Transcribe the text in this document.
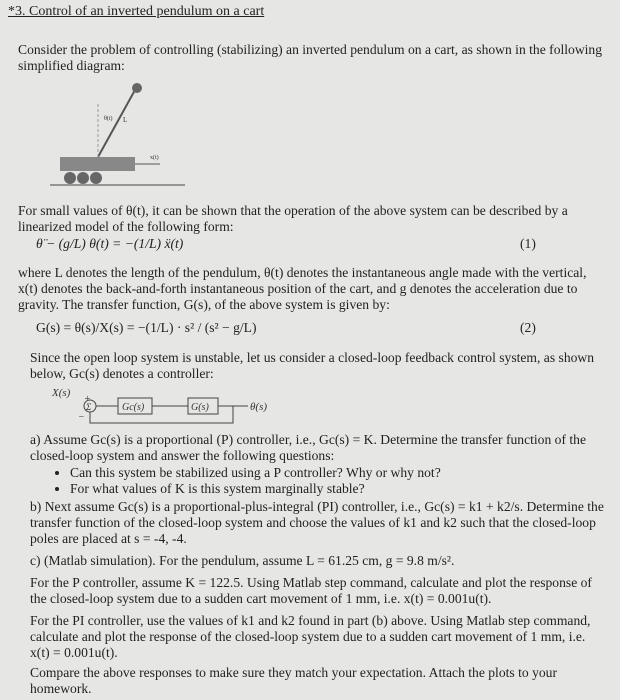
*3. Control of an inverted pendulum on a cart
Consider the problem of controlling (stabilizing) an inverted pendulum on a cart, as shown in the following simplified diagram:
θ(t) L
x(t)
For small values of θ(t), it can be shown that the operation of the above system can be described by a linearized model of the following form:
θ̈ − (g/L) θ(t) = −(1/L) ẍ(t)	(1)
where L denotes the length of the pendulum, θ(t) denotes the instantaneous angle made with the vertical, x(t) denotes the back-and-forth instantaneous position of the cart, and g denotes the acceleration due to gravity. The transfer function, G(s), of the above system is given by:
G(s) = θ(s)/X(s) = −(1/L) · s² / (s² − g/L)	(2)
Since the open loop system is unstable, let us consider a closed-loop feedback control system, as shown below, Gc(s) denotes a controller:
X(s)
+
Σ
−
Gc(s)	G(s)	θ(s)
a) Assume Gc(s) is a proportional (P) controller, i.e., Gc(s) = K. Determine the transfer function of the closed-loop system and answer the following questions:
• Can this system be stabilized using a P controller? Why or why not?
• For what values of K is this system marginally stable?
b) Next assume Gc(s) is a proportional-plus-integral (PI) controller, i.e., Gc(s) = k1 + k2/s. Determine the transfer function of the closed-loop system and choose the values of k1 and k2 such that the closed-loop poles are placed at s = -4, -4.
c) (Matlab simulation). For the pendulum, assume L = 61.25 cm, g = 9.8 m/s².
For the P controller, assume K = 122.5. Using Matlab step command, calculate and plot the response of the closed-loop system due to a sudden cart movement of 1 mm, i.e. x(t) = 0.001u(t).
For the PI controller, use the values of k1 and k2 found in part (b) above. Using Matlab step command, calculate and plot the response of the closed-loop system due to a sudden cart movement of 1 mm, i.e. x(t) = 0.001u(t).
Compare the above responses to make sure they match your expectation. Attach the plots to your homework.
